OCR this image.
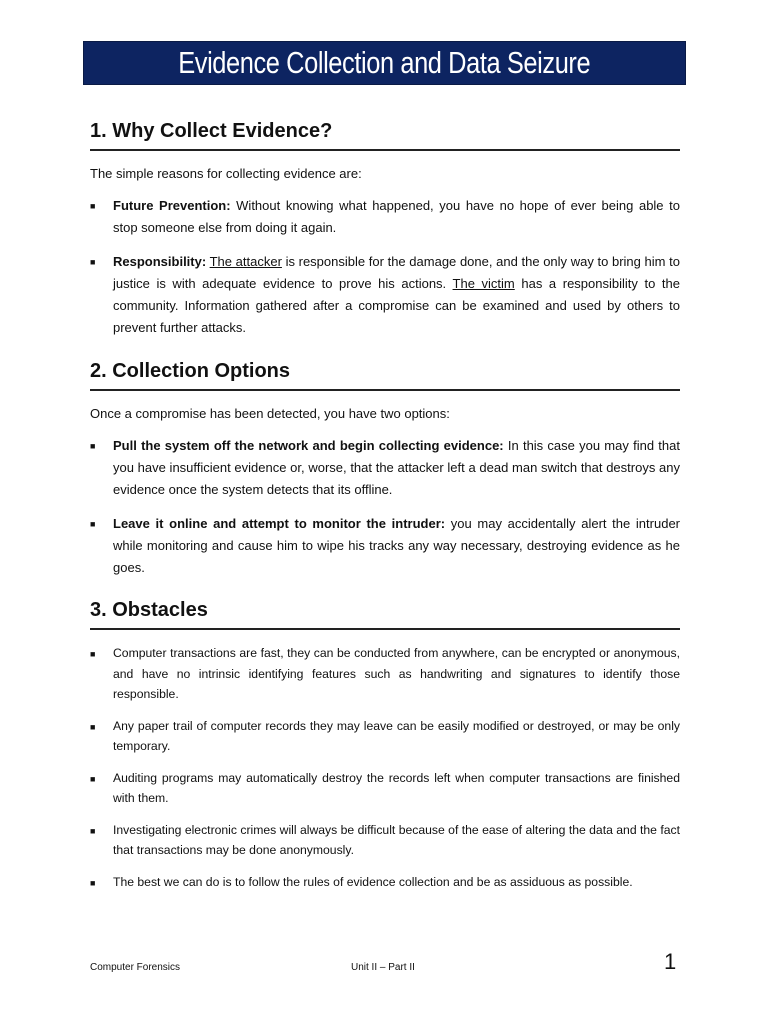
Evidence Collection and Data Seizure
1. Why Collect Evidence?

The simple reasons for collecting evidence are:

■ Future Prevention: Without knowing what happened, you have no hope of ever being able to stop someone else from doing it again.
■ Responsibility: The attacker is responsible for the damage done, and the only way to bring him to justice is with adequate evidence to prove his actions. The victim has a responsibility to the community. Information gathered after a compromise can be examined and used by others to prevent further attacks.
2. Collection Options

Once a compromise has been detected, you have two options:

■ Pull the system off the network and begin collecting evidence: In this case you may find that you have insufficient evidence or, worse, that the attacker left a dead man switch that destroys any evidence once the system detects that its offline.
■ Leave it online and attempt to monitor the intruder: you may accidentally alert the intruder while monitoring and cause him to wipe his tracks any way necessary, destroying evidence as he goes.
3. Obstacles
■ Computer transactions are fast, they can be conducted from anywhere, can be encrypted or anonymous, and have no intrinsic identifying features such as handwriting and signatures to identify those responsible.
■ Any paper trail of computer records they may leave can be easily modified or destroyed, or may be only temporary.
■ Auditing programs may automatically destroy the records left when computer transactions are finished with them.
■ Investigating electronic crimes will always be difficult because of the ease of altering the data and the fact that transactions may be done anonymously.
■ The best we can do is to follow the rules of evidence collection and be as assiduous as possible.
Computer Forensics	Unit II – Part II	1
